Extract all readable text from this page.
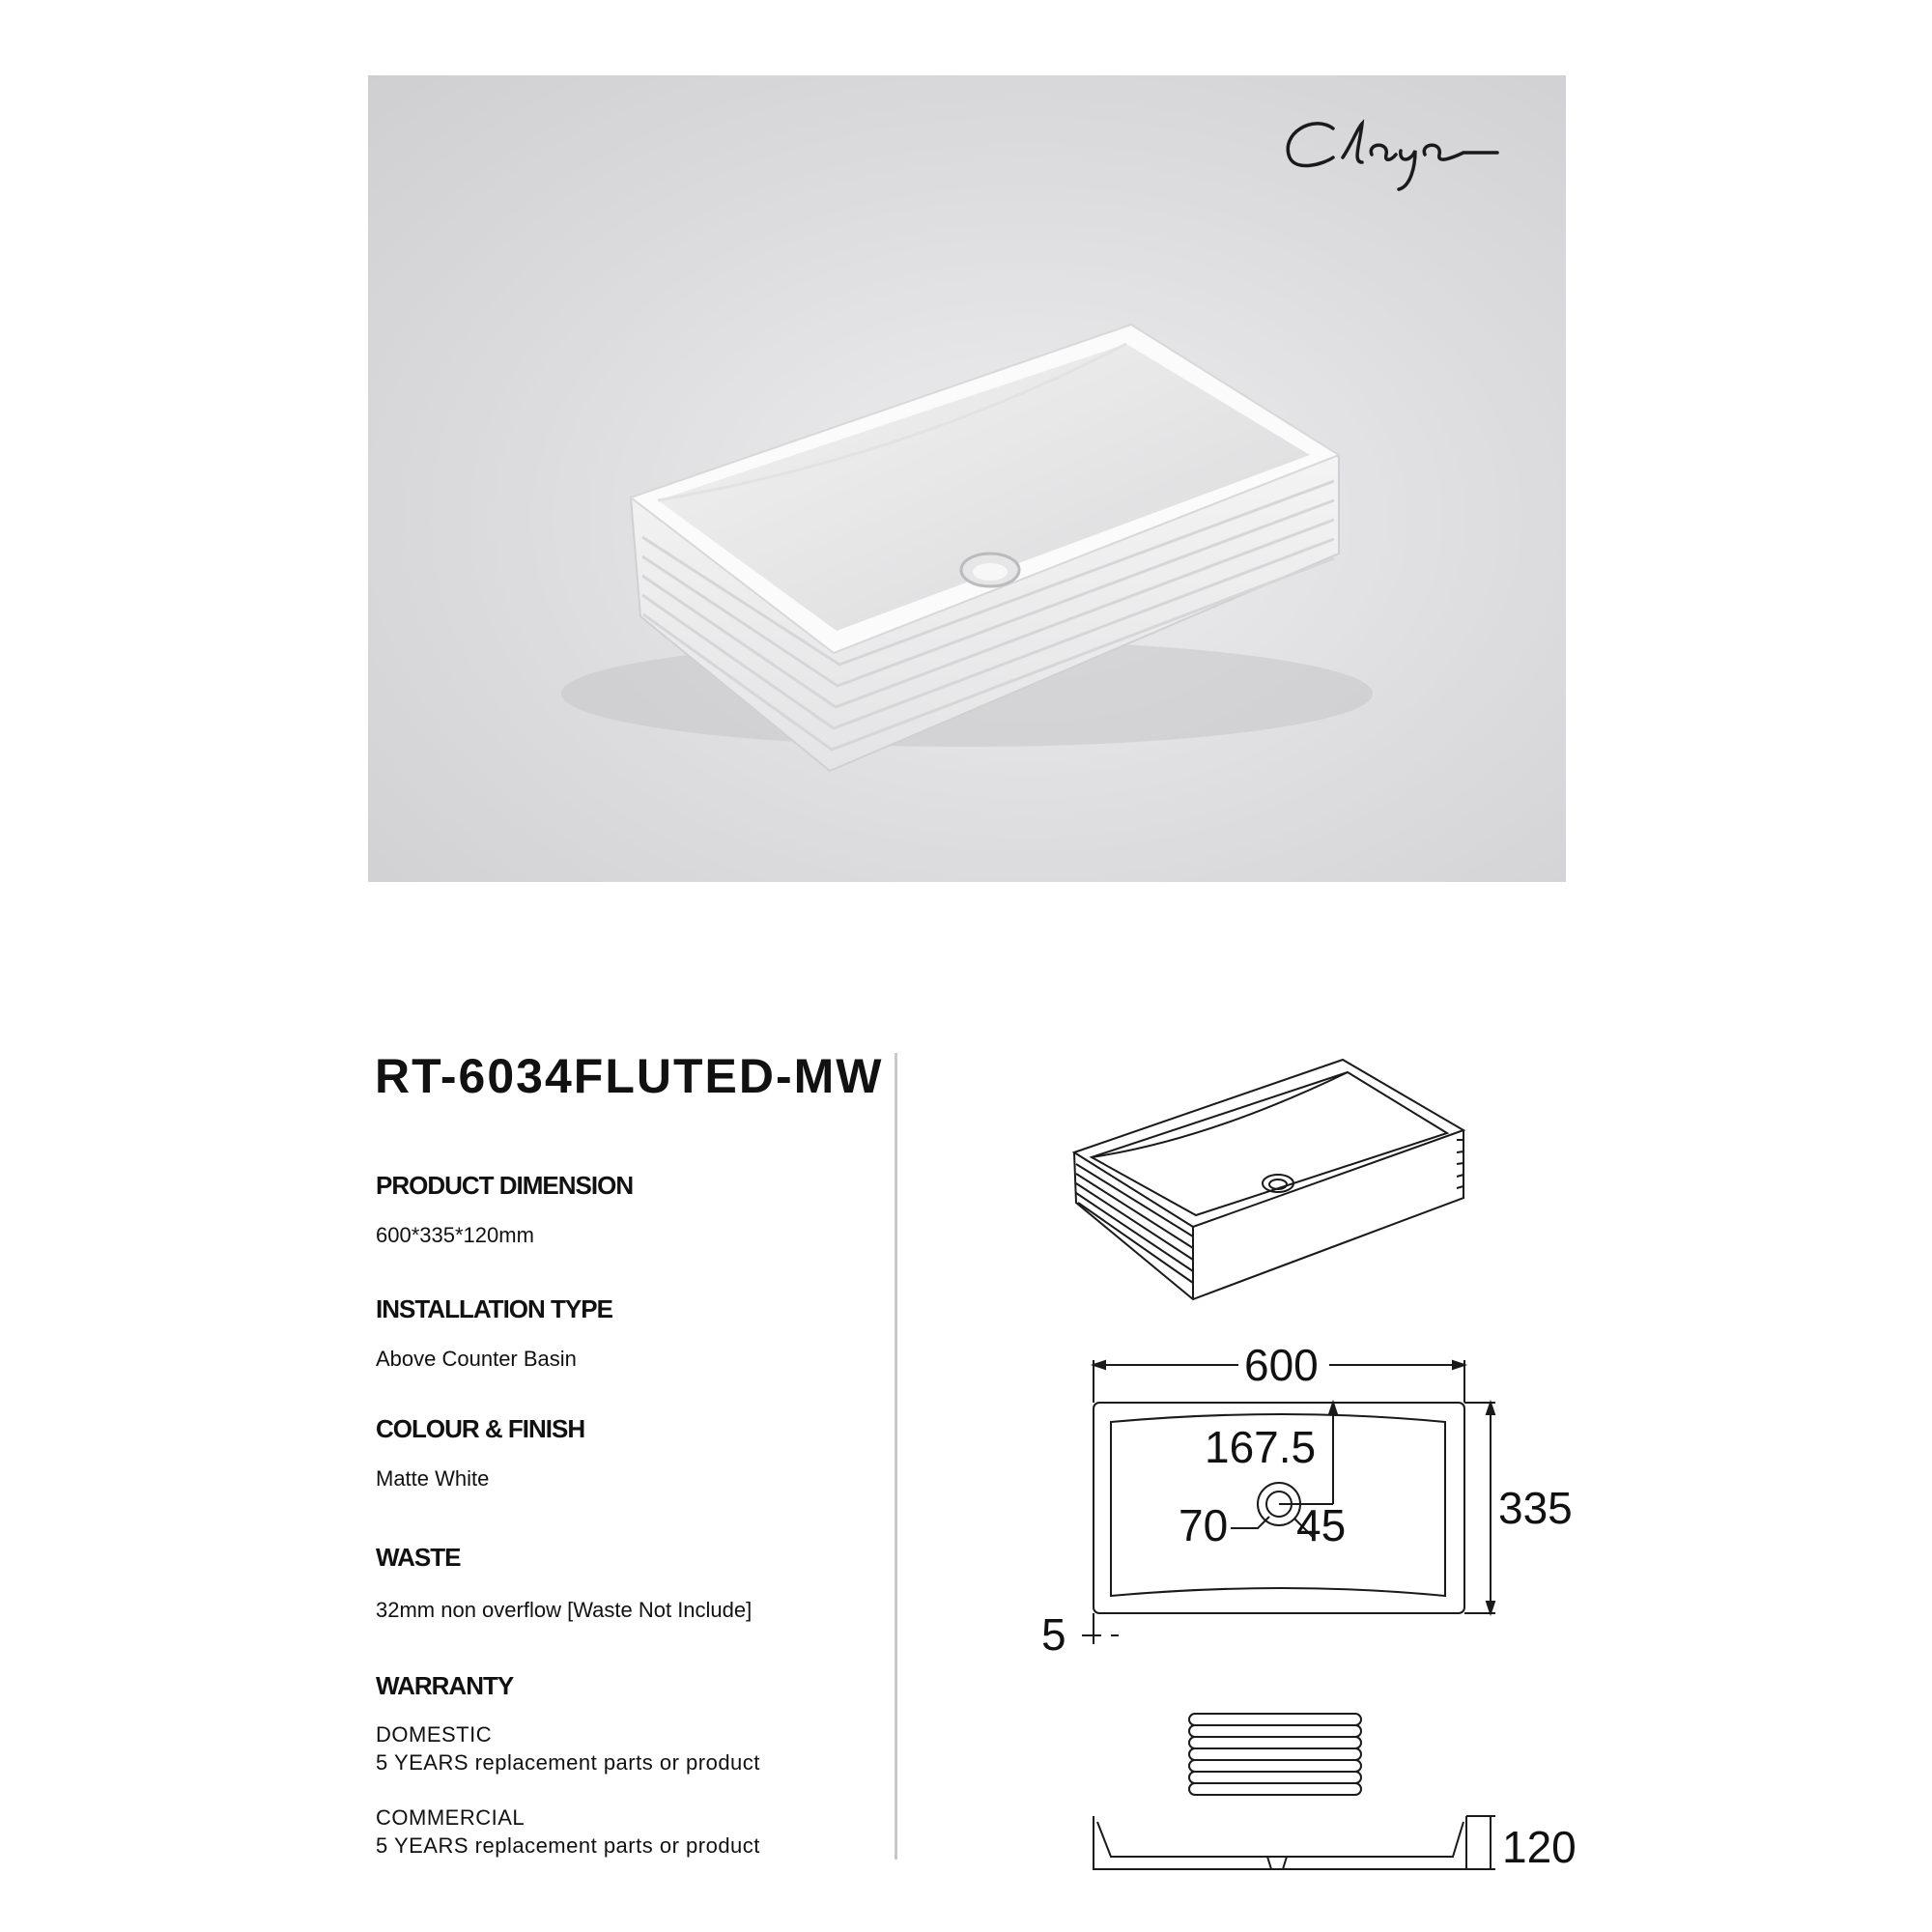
RT-6034FLUTED-MW
PRODUCT DIMENSION
600*335*120mm
INSTALLATION TYPE
Above Counter Basin
COLOUR & FINISH
Matte White
WASTE
32mm non overflow [Waste Not Include]
WARRANTY
DOMESTIC
5 YEARS replacement parts or product
COMMERCIAL
5 YEARS replacement parts or product
600
167.5
335
70 45
5
120
